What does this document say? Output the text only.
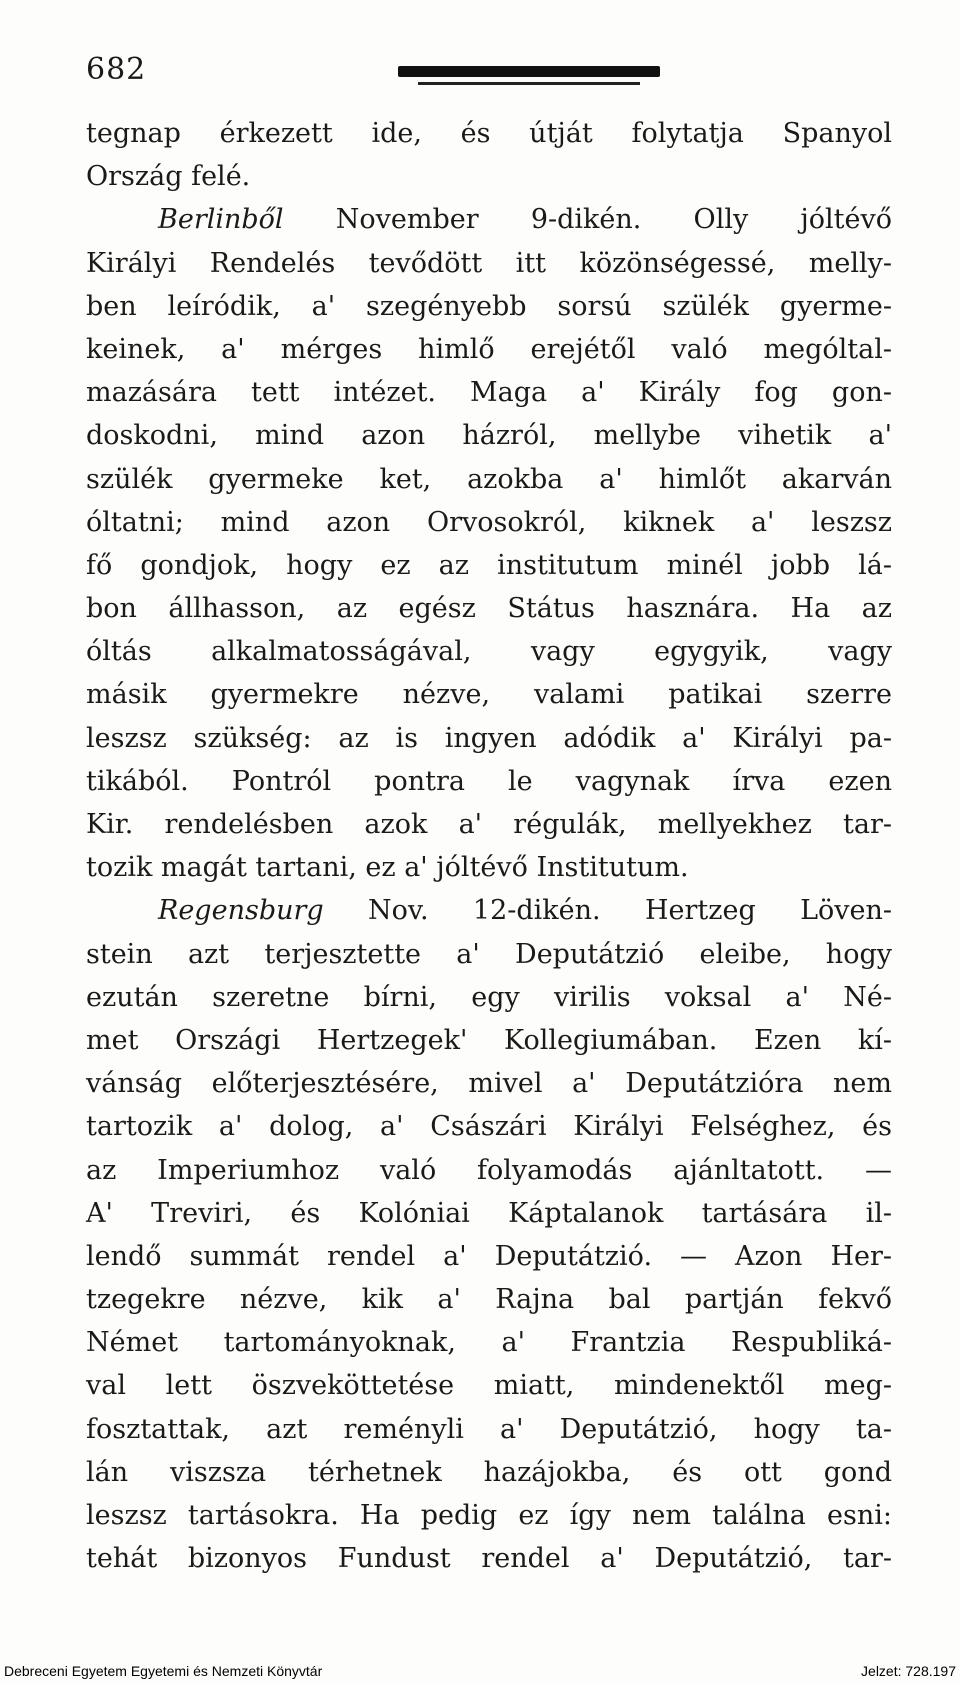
682
tegnap érkezett ide, és útját folytatja Spanyol
Ország felé.
Berlinből November 9-dikén. Olly jóltévő
Királyi Rendelés tevődött itt közönségessé, melly-
ben leíródik, a' szegényebb sorsú szülék gyerme-
keinek, a' mérges himlő erejétől való mególtal-
mazására tett intézet. Maga a' Király fog gon-
doskodni, mind azon házról, mellybe vihetik a'
szülék gyermeke ket, azokba a' himlőt akarván
óltatni; mind azon Orvosokról, kiknek a' leszsz
fő gondjok, hogy ez az institutum minél jobb lá-
bon állhasson, az egész Státus hasznára. Ha az
óltás alkalmatosságával, vagy egygyik, vagy
másik gyermekre nézve, valami patikai szerre
leszsz szükség: az is ingyen adódik a' Királyi pa-
tikából. Pontról pontra le vagynak írva ezen
Kir. rendelésben azok a' régulák, mellyekhez tar-
tozik magát tartani, ez a' jóltévő Institutum.
Regensburg Nov. 12-dikén. Hertzeg Löven-
stein azt terjesztette a' Deputátzió eleibe, hogy
ezután szeretne bírni, egy virilis voksal a' Né-
met Országi Hertzegek' Kollegiumában. Ezen kí-
vánság előterjesztésére, mivel a' Deputátzióra nem
tartozik a' dolog, a' Császári Királyi Felséghez, és
az Imperiumhoz való folyamodás ajánltatott. —
A' Treviri, és Kolóniai Káptalanok tartására il-
lendő summát rendel a' Deputátzió. — Azon Her-
tzegekre nézve, kik a' Rajna bal partján fekvő
Német tartományoknak, a' Frantzia Respubliká-
val lett öszveköttetése miatt, mindenektől meg-
fosztattak, azt reményli a' Deputátzió, hogy ta-
lán viszsza térhetnek hazájokba, és ott gond
leszsz tartásokra. Ha pedig ez így nem találna esni:
tehát bizonyos Fundust rendel a' Deputátzió, tar-
Debreceni Egyetem Egyetemi és Nemzeti Könyvtár	Jelzet: 728.197
